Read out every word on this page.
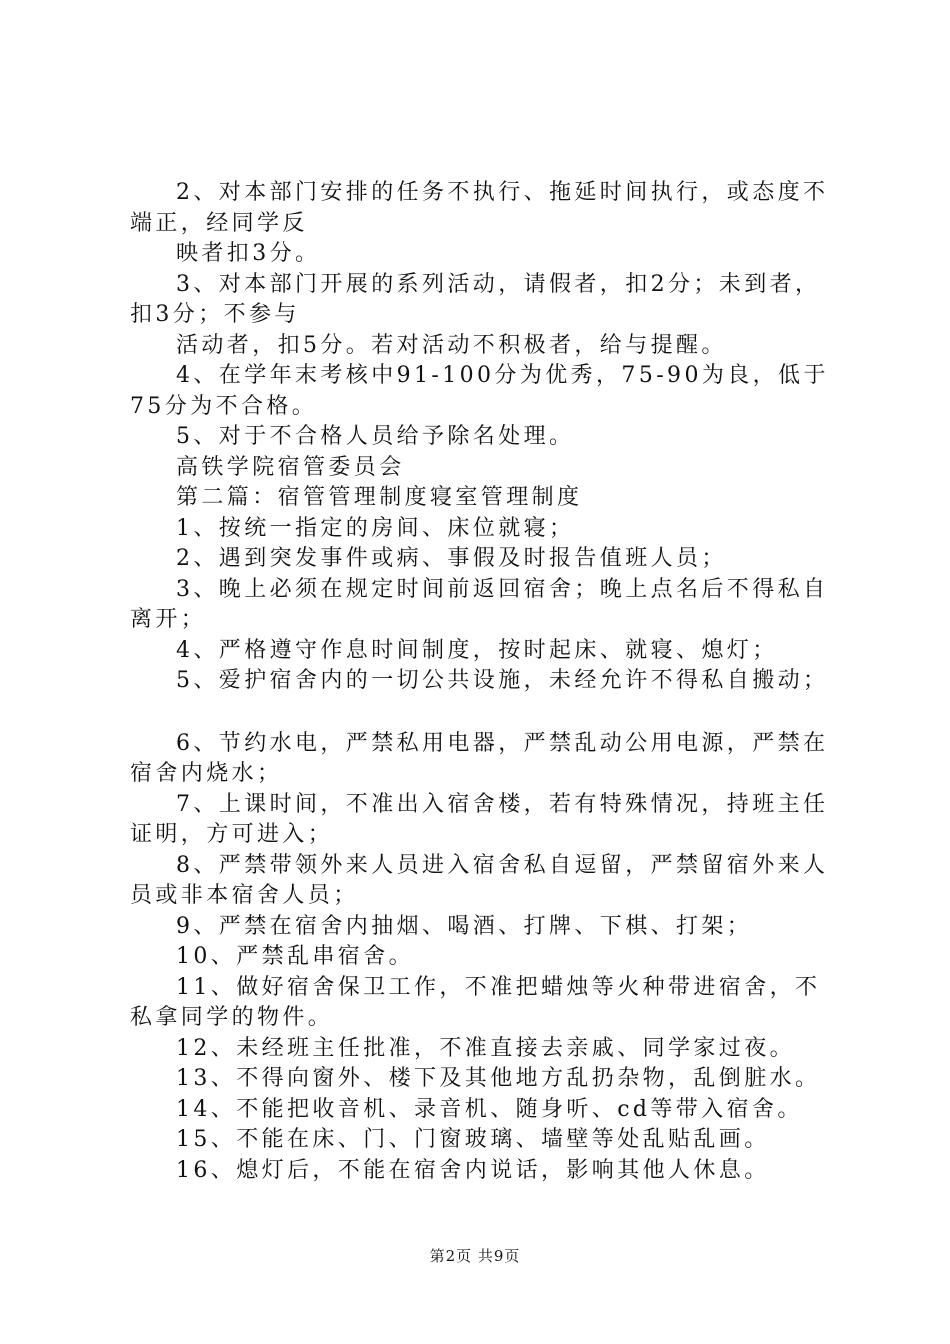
2、对本部门安排的任务不执行、拖延时间执行，或态度不端正，经同学反

映者扣3分。

3、对本部门开展的系列活动，请假者，扣2分；未到者，扣3分；不参与

活动者，扣5分。若对活动不积极者，给与提醒。

4、在学年末考核中91-100分为优秀，75-90为良，低于75分为不合格。

5、对于不合格人员给予除名处理。

高铁学院宿管委员会

第二篇：宿管管理制度寝室管理制度

1、按统一指定的房间、床位就寝；

2、遇到突发事件或病、事假及时报告值班人员；

3、晚上必须在规定时间前返回宿舍；晚上点名后不得私自离开；

4、严格遵守作息时间制度，按时起床、就寝、熄灯；

5、爱护宿舍内的一切公共设施，未经允许不得私自搬动；

6、节约水电，严禁私用电器，严禁乱动公用电源，严禁在宿舍内烧水；

7、上课时间，不准出入宿舍楼，若有特殊情况，持班主任证明，方可进入；

8、严禁带领外来人员进入宿舍私自逗留，严禁留宿外来人员或非本宿舍人员；

9、严禁在宿舍内抽烟、喝酒、打牌、下棋、打架；

10、严禁乱串宿舍。

11、做好宿舍保卫工作，不准把蜡烛等火种带进宿舍，不私拿同学的物件。

12、未经班主任批准，不准直接去亲戚、同学家过夜。

13、不得向窗外、楼下及其他地方乱扔杂物，乱倒脏水。

14、不能把收音机、录音机、随身听、cd等带入宿舍。

15、不能在床、门、门窗玻璃、墙壁等处乱贴乱画。

16、熄灯后，不能在宿舍内说话，影响其他人休息。

第2页 共9页
